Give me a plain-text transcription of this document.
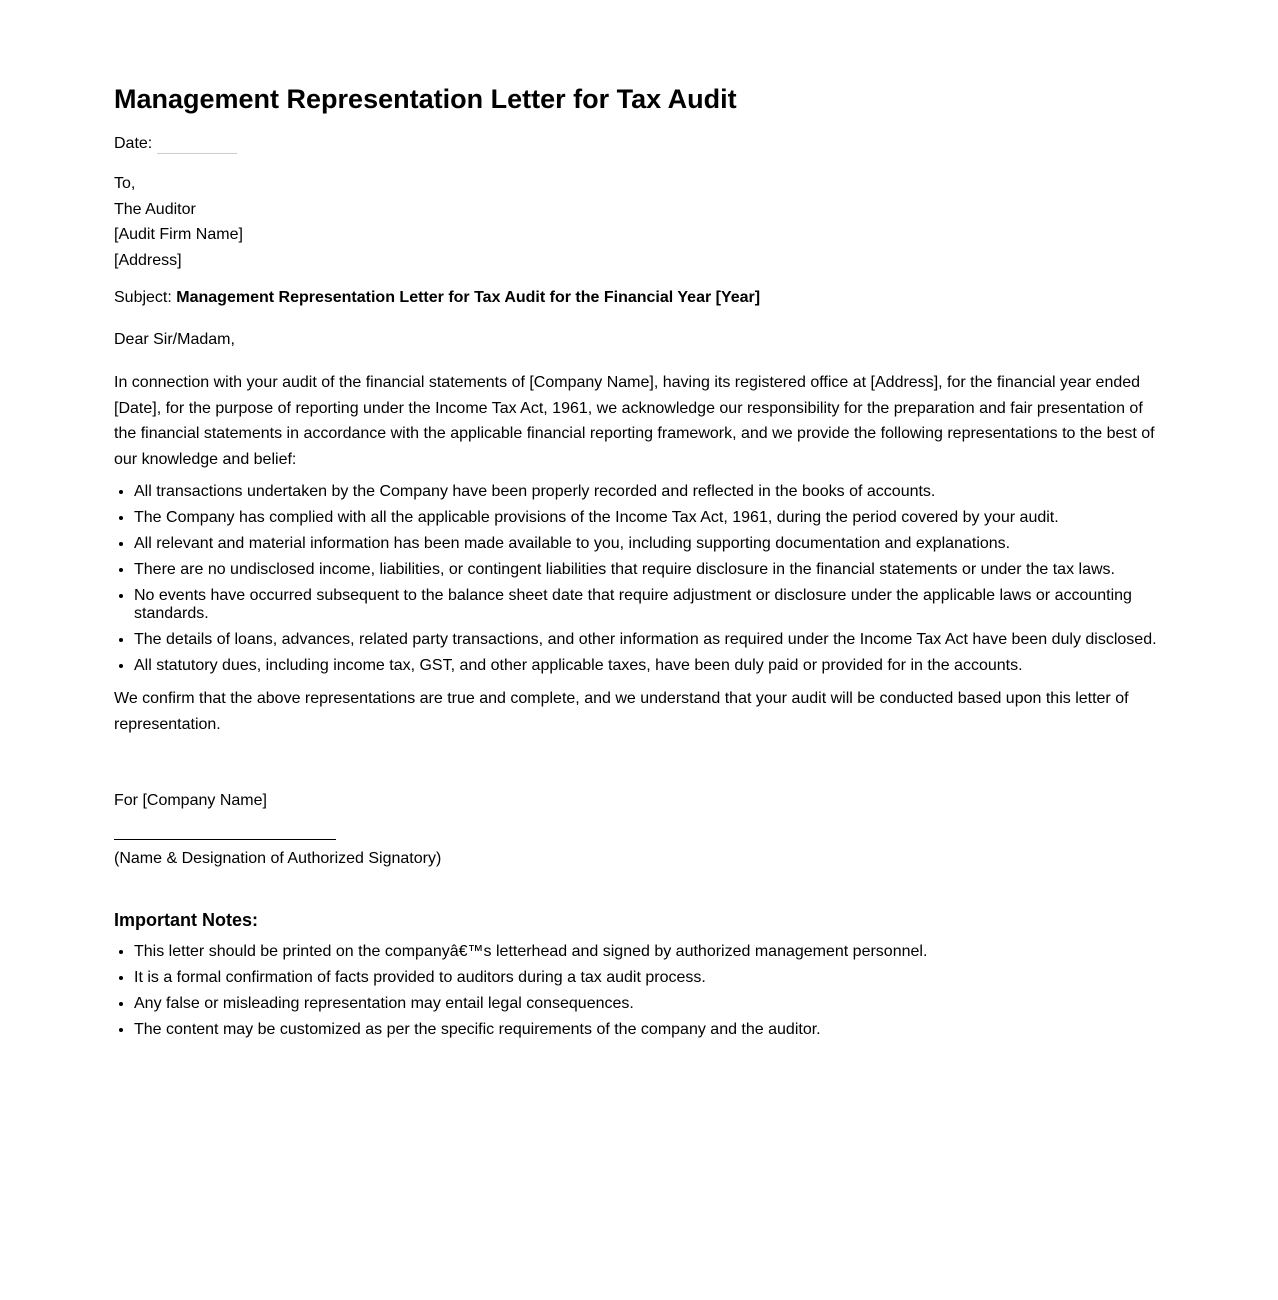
Management Representation Letter for Tax Audit
Date:
To,
The Auditor
[Audit Firm Name]
[Address]
Subject: Management Representation Letter for Tax Audit for the Financial Year [Year]
Dear Sir/Madam,
In connection with your audit of the financial statements of [Company Name], having its registered office at [Address], for the financial year ended [Date], for the purpose of reporting under the Income Tax Act, 1961, we acknowledge our responsibility for the preparation and fair presentation of the financial statements in accordance with the applicable financial reporting framework, and we provide the following representations to the best of our knowledge and belief:
• All transactions undertaken by the Company have been properly recorded and reflected in the books of accounts.
• The Company has complied with all the applicable provisions of the Income Tax Act, 1961, during the period covered by your audit.
• All relevant and material information has been made available to you, including supporting documentation and explanations.
• There are no undisclosed income, liabilities, or contingent liabilities that require disclosure in the financial statements or under the tax laws.
• No events have occurred subsequent to the balance sheet date that require adjustment or disclosure under the applicable laws or accounting standards.
• The details of loans, advances, related party transactions, and other information as required under the Income Tax Act have been duly disclosed.
• All statutory dues, including income tax, GST, and other applicable taxes, have been duly paid or provided for in the accounts.
We confirm that the above representations are true and complete, and we understand that your audit will be conducted based upon this letter of representation.
For [Company Name]
(Name & Designation of Authorized Signatory)
Important Notes:
• This letter should be printed on the companyâ€™s letterhead and signed by authorized management personnel.
• It is a formal confirmation of facts provided to auditors during a tax audit process.
• Any false or misleading representation may entail legal consequences.
• The content may be customized as per the specific requirements of the company and the auditor.
